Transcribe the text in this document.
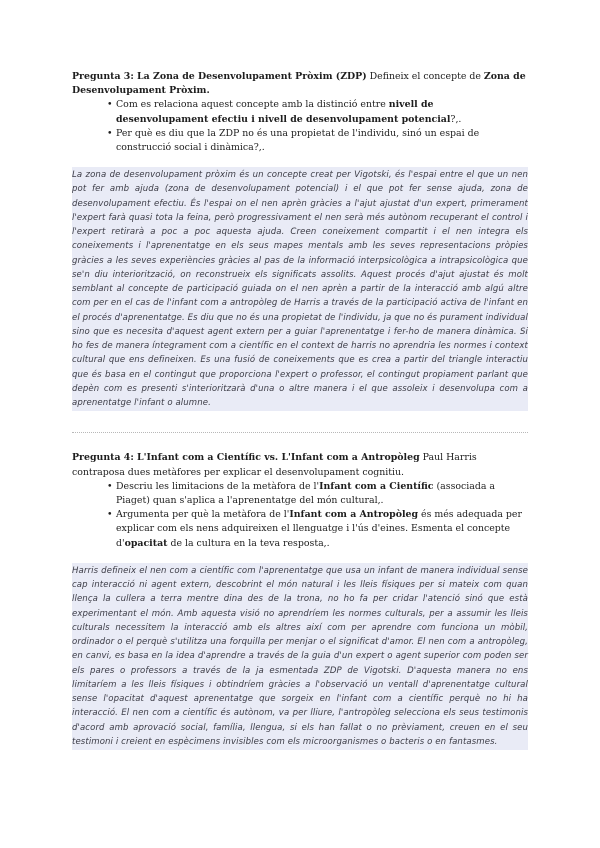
Pregunta 3: La Zona de Desenvolupament Pròxim (ZDP) Defineix el concepte de Zona de Desenvolupament Pròxim.
• Com es relaciona aquest concepte amb la distinció entre nivell de desenvolupament efectiu i nivell de desenvolupament potencial?,.
• Per què es diu que la ZDP no és una propietat de l'individu, sinó un espai de construcció social i dinàmica?,.
La zona de desenvolupament pròxim és un concepte creat per Vigotski, és l'espai entre el que un nen pot fer amb ajuda (zona de desenvolupament potencial) i el que pot fer sense ajuda, zona de desenvolupament efectiu. És l'espai on el nen aprèn gràcies a l'ajut ajustat d'un expert, primerament l'expert farà quasi tota la feina, però progressivament el nen serà més autònom recuperant el control i l'expert retirarà a poc a poc aquesta ajuda. Creen coneixement compartit i el nen integra els coneixements i l'aprenentatge en els seus mapes mentals amb les seves representacions pròpies gràcies a les seves experiències gràcies al pas de la informació interpsicològica a intrapsicològica que se'n diu interiorització, on reconstrueix els significats assolits. Aquest procés d'ajut ajustat és molt semblant al concepte de participació guiada on el nen aprèn a partir de la interacció amb algú altre com per en el cas de l'infant com a antropòleg de Harris a través de la participació activa de l'infant en el procés d'aprenentatge. Es diu que no és una propietat de l'individu, ja que no és purament individual sino que es necesita d'aquest agent extern per a guiar l'aprenentatge i fer-ho de manera dinàmica. Si ho fes de manera íntegrament com a científic en el context de harris no aprendria les normes i context cultural que ens defineixen. Es una fusió de coneixements que es crea a partir del triangle interactiu que és basa en el contingut que proporciona l'expert o professor, el contingut propiament parlant que depèn com es presenti s'interioritzarà d'una o altre manera i el que assoleix i desenvolupa com a aprenentatge l'infant o alumne.
Pregunta 4: L'Infant com a Científic vs. L'Infant com a Antropòleg Paul Harris contraposa dues metàfores per explicar el desenvolupament cognitiu.
• Descriu les limitacions de la metàfora de l'Infant com a Científic (associada a Piaget) quan s'aplica a l'aprenentatge del món cultural,.
• Argumenta per què la metàfora de l'Infant com a Antropòleg és més adequada per explicar com els nens adquireixen el llenguatge i l'ús d'eines. Esmenta el concepte d'opacitat de la cultura en la teva resposta,.
Harris defineix el nen com a científic com l'aprenentatge que usa un infant de manera individual sense cap interacció ni agent extern, descobrint el món natural i les lleis físiques per si mateix com quan llença la cullera a terra mentre dina des de la trona, no ho fa per cridar l'atenció sinó que està experimentant el món. Amb aquesta visió no aprendríem les normes culturals, per a assumir les lleis culturals necessitem la interacció amb els altres així com per aprendre com funciona un mòbil, ordinador o el perquè s'utilitza una forquilla per menjar o el significat d'amor. El nen com a antropòleg, en canvi, es basa en la idea d'aprendre a través de la guia d'un expert o agent superior com poden ser els pares o professors a través de la ja esmentada ZDP de Vigotski. D'aquesta manera no ens limitaríem a les lleis físiques i obtindríem gràcies a l'observació un ventall d'aprenentatge cultural sense l'opacitat d'aquest aprenentatge que sorgeix en l'infant com a científic perquè no hi ha interacció. El nen com a científic és autònom, va per lliure, l'antropòleg selecciona els seus testimonis d'acord amb aprovació social, família, llengua, si els han fallat o no prèviament, creuen en el seu testimoni i creient en espècimens invisibles com els microorganismes o bacteris o en fantasmes.
